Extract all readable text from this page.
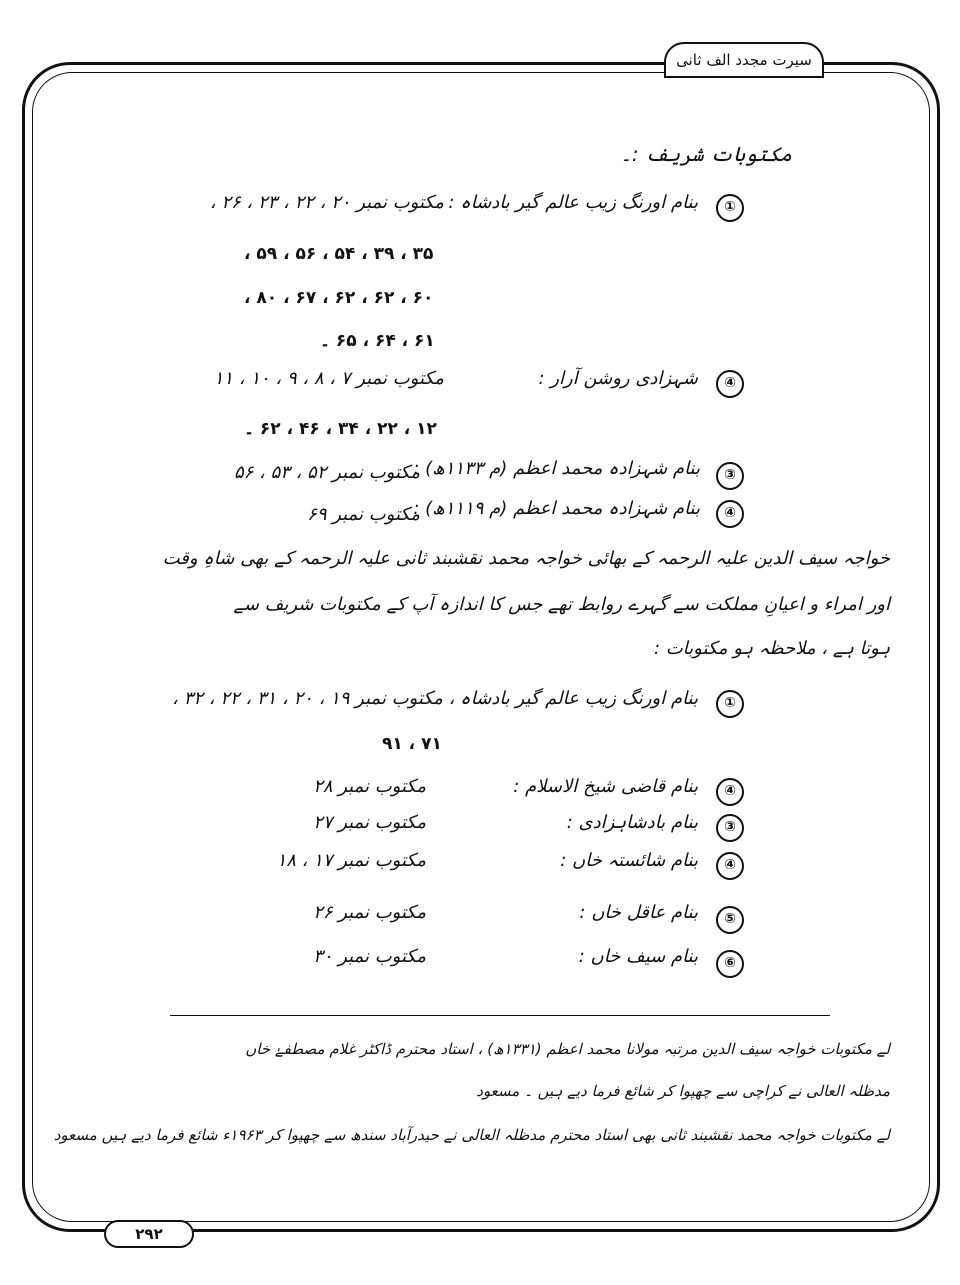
سیرت مجدد الف ثانی
مکتوبات شریف :۔
①
بنام اورنگ زیب عالم گیر بادشاہ :
مکتوب نمبر ۲۰ ، ۲۲ ، ۲۳ ، ۲۶ ،
۳۵ ، ۳۹ ، ۵۴ ، ۵۶ ، ۵۹ ،
۶۰ ، ۶۲ ، ۶۲ ، ۶۷ ، ۸۰ ،
۶۱ ، ۶۴ ، ۶۵ ۔
④
شہزادی روشن آرار :
مکتوب نمبر ۷ ، ۸ ، ۹ ، ۱۰ ، ۱۱
۱۲ ، ۲۲ ، ۳۴ ، ۴۶ ، ۶۲ ۔
③
بنام شہزادہ محمد اعظم (م ۱۱۳۳ھ) :
مکتوب نمبر ۵۲ ، ۵۳ ، ۵۶
④
بنام شہزادہ محمد اعظم (م ۱۱۱۹ھ) :
مکتوب نمبر ۶۹
خواجہ سیف الدین علیہ الرحمہ کے بھائی خواجہ محمد نقشبند ثانی علیہ الرحمہ کے بھی شاہِ وقت
اور امراء و اعیانِ مملکت سے گہرے روابط تھے جس کا اندازہ آپ کے مکتوبات شریف سے
ہوتا ہے ، ملاحظہ ہو مکتوبات :
①
بنام اورنگ زیب عالم گیر بادشاہ ، مکتوب نمبر ۱۹ ، ۲۰ ، ۳۱ ، ۲۲ ، ۳۲ ،
۷۱ ، ۹۱
④
بنام قاضی شیخ الاسلام :
مکتوب نمبر ۲۸
③
بنام بادشاہزادی :
مکتوب نمبر ۲۷
④
بنام شائستہ خاں :
مکتوب نمبر ۱۷ ، ۱۸
⑤
بنام عاقل خاں :
مکتوب نمبر ۲۶
⑥
بنام سیف خاں :
مکتوب نمبر ۳۰
لے مکتوبات خواجہ سیف الدین مرتبہ مولانا محمد اعظم (۱۳۳۱ھ) ، استاد محترم ڈاکٹر غلام مصطفےٰ خاں
مدظلہ العالی نے کراچی سے چھپوا کر شائع فرما دیے ہیں ۔ مسعود
لے مکتوبات خواجہ محمد نقشبند ثانی بھی استاد محترم مدظلہ العالی نے حیدرآباد سندھ سے چھپوا کر ۱۹۶۳ء شائع فرما دیے ہیں مسعود
۲۹۲
